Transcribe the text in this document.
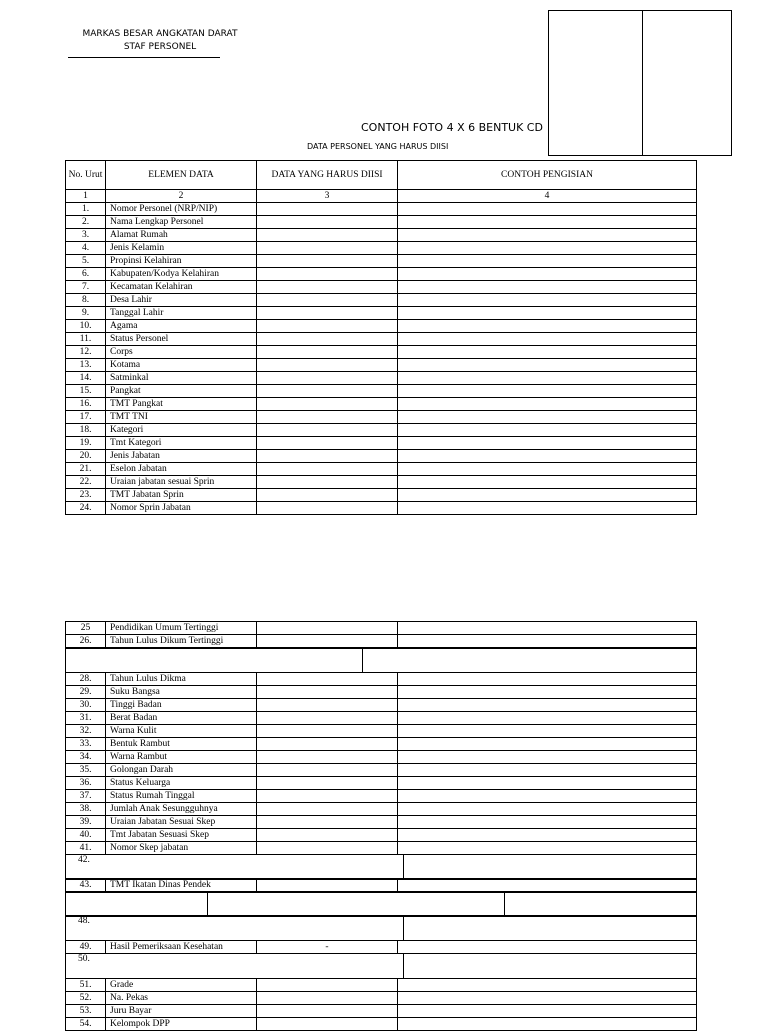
MARKAS BESAR ANGKATAN DARAT
STAF PERSONEL
CONTOH FOTO 4 X 6 BENTUK CD
DATA PERSONEL YANG HARUS DIISI
No. Urut	ELEMEN DATA	DATA YANG HARUS DIISI	CONTOH PENGISIAN
1	2	3	4
1.	Nomor Personel (NRP/NIP)		
2.	Nama Lengkap Personel		
3.	Alamat Rumah		
4.	Jenis Kelamin		
5.	Propinsi Kelahiran		
6.	Kabupaten/Kodya Kelahiran		
7.	Kecamatan Kelahiran		
8.	Desa Lahir		
9.	Tanggal Lahir		
10.	Agama		
11.	Status Personel		
12.	Corps		
13.	Kotama		
14.	Satminkal		
15.	Pangkat		
16.	TMT Pangkat		
17.	TMT TNI		
18.	Kategori		
19.	Tmt Kategori		
20.	Jenis Jabatan		
21.	Eselon Jabatan		
22.	Uraian jabatan sesuai Sprin		
23.	TMT Jabatan Sprin		
24.	Nomor Sprin Jabatan		
25	Pendidikan Umum Tertinggi		
26.	Tahun Lulus Dikum Tertinggi		
28.	Tahun Lulus Dikma		
29.	Suku Bangsa		
30.	Tinggi Badan		
31.	Berat Badan		
32.	Warna Kulit		
33.	Bentuk Rambut		
34.	Warna Rambut		
35.	Golongan Darah		
36.	Status Keluarga		
37.	Status Rumah Tinggal		
38.	Jumlah Anak Sesungguhnya		
39.	Uraian Jabatan Sesuai Skep		
40.	Tmt Jabatan Sesuasi Skep		
41.	Nomor Skep jabatan		
42.
43.	TMT Ikatan Dinas Pendek		
48.
49.	Hasil Pemeriksaan Kesehatan	-	
50.
51.	Grade		
52.	Na. Pekas		
53.	Juru Bayar		
54.	Kelompok DPP		
